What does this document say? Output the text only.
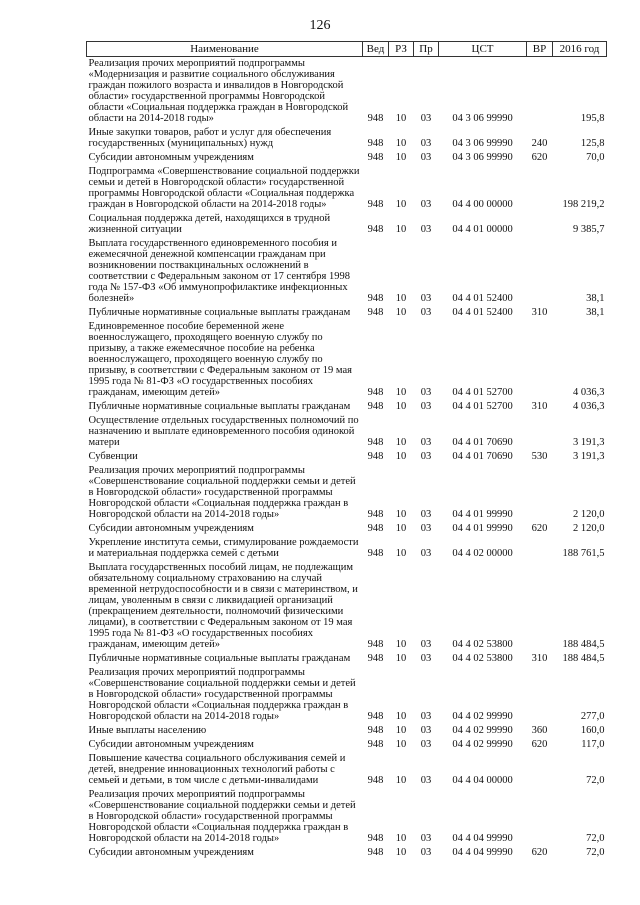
126
Наименование	Вед	РЗ	Пр	ЦСТ	ВР	2016 год
Реализация прочих мероприятий подпрограммы «Модернизация и развитие социального обслуживания граждан пожилого возраста и инвалидов в Новгородской области» государственной программы Новгородской области «Социальная поддержка граждан в Новгородской области на 2014-2018 годы»	948	10	03	04 3 06 99990		195,8
Иные закупки товаров, работ и услуг для обеспечения государственных (муниципальных) нужд	948	10	03	04 3 06 99990	240	125,8
Субсидии автономным учреждениям	948	10	03	04 3 06 99990	620	70,0
Подпрограмма «Совершенствование социальной поддержки семьи и детей в Новгородской области» государственной программы Новгородской области «Социальная поддержка граждан в Новгородской области на 2014-2018 годы»	948	10	03	04 4 00 00000		198 219,2
Социальная поддержка детей, находящихся в трудной жизненной ситуации	948	10	03	04 4 01 00000		9 385,7
Выплата государственного единовременного пособия и ежемесячной денежной компенсации гражданам при возникновении поствакцинальных осложнений в соответствии с Федеральным законом от 17 сентября 1998 года № 157-ФЗ «Об иммунопрофилактике инфекционных болезней»	948	10	03	04 4 01 52400		38,1
Публичные нормативные социальные выплаты гражданам	948	10	03	04 4 01 52400	310	38,1
Единовременное пособие беременной жене военнослужащего, проходящего военную службу по призыву, а также ежемесячное пособие на ребенка военнослужащего, проходящего военную службу по призыву, в соответствии с Федеральным законом от 19 мая 1995 года № 81-ФЗ «О государственных пособиях гражданам, имеющим детей»	948	10	03	04 4 01 52700		4 036,3
Публичные нормативные социальные выплаты гражданам	948	10	03	04 4 01 52700	310	4 036,3
Осуществление отдельных государственных полномочий по назначению и выплате единовременного пособия одинокой матери	948	10	03	04 4 01 70690		3 191,3
Субвенции	948	10	03	04 4 01 70690	530	3 191,3
Реализация прочих мероприятий подпрограммы «Совершенствование социальной поддержки семьи и детей в Новгородской области» государственной программы Новгородской области «Социальная поддержка граждан в Новгородской области на 2014-2018 годы»	948	10	03	04 4 01 99990		2 120,0
Субсидии автономным учреждениям	948	10	03	04 4 01 99990	620	2 120,0
Укрепление института семьи, стимулирование рождаемости и материальная поддержка семей с детьми	948	10	03	04 4 02 00000		188 761,5
Выплата государственных пособий лицам, не подлежащим обязательному социальному страхованию на случай временной нетрудоспособности и в связи с материнством, и лицам, уволенным в связи с ликвидацией организаций (прекращением деятельности, полномочий физическими лицами), в соответствии с Федеральным законом от 19 мая 1995 года № 81-ФЗ «О государственных пособиях гражданам, имеющим детей»	948	10	03	04 4 02 53800		188 484,5
Публичные нормативные социальные выплаты гражданам	948	10	03	04 4 02 53800	310	188 484,5
Реализация прочих мероприятий подпрограммы «Совершенствование социальной поддержки семьи и детей в Новгородской области» государственной программы Новгородской области «Социальная поддержка граждан в Новгородской области на 2014-2018 годы»	948	10	03	04 4 02 99990		277,0
Иные выплаты населению	948	10	03	04 4 02 99990	360	160,0
Субсидии автономным учреждениям	948	10	03	04 4 02 99990	620	117,0
Повышение качества социального обслуживания семей и детей, внедрение инновационных технологий работы с семьей и детьми, в том числе с детьми-инвалидами	948	10	03	04 4 04 00000		72,0
Реализация прочих мероприятий подпрограммы «Совершенствование социальной поддержки семьи и детей в Новгородской области» государственной программы Новгородской области «Социальная поддержка граждан в Новгородской области на 2014-2018 годы»	948	10	03	04 4 04 99990		72,0
Субсидии автономным учреждениям	948	10	03	04 4 04 99990	620	72,0
